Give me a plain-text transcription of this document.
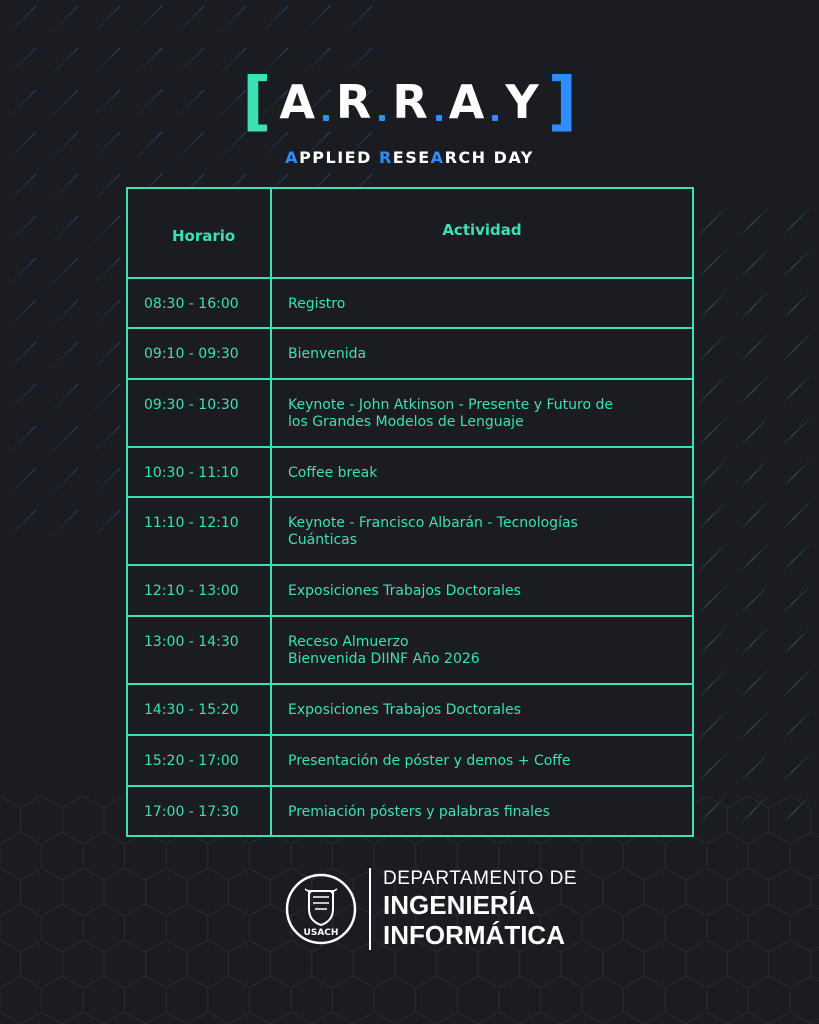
[ A R R A Y ]
APPLIED RESEARCH DAY
Horario	Actividad
08:30 - 16:00	Registro
09:10 - 09:30	Bienvenida
09:30 - 10:30	Keynote - John Atkinson - Presente y Futuro de
los Grandes Modelos de Lenguaje
10:30 - 11:10	Coffee break
11:10 - 12:10	Keynote - Francisco Albarán - Tecnologías
Cuánticas
12:10 - 13:00	Exposiciones Trabajos Doctorales
13:00 - 14:30	Receso Almuerzo
Bienvenida DIINF Año 2026
14:30 - 15:20	Exposiciones Trabajos Doctorales
15:20 - 17:00	Presentación de póster y demos + Coffe
17:00 - 17:30	Premiación pósters y palabras finales
USACH
DEPARTAMENTO DE
INGENIERÍA
INFORMÁTICA
